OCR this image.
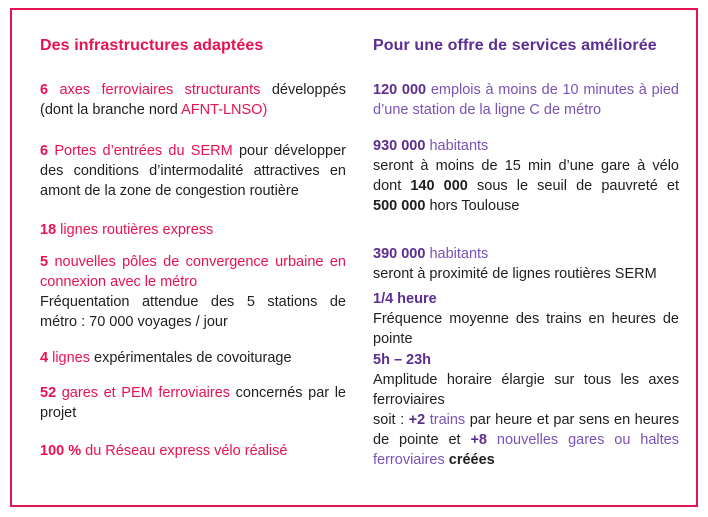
Des infrastructures adaptées

6 axes ferroviaires structurants développés (dont la branche nord AFNT-LNSO)

6 Portes d’entrées du SERM pour développer des conditions d’intermodalité attractives en amont de la zone de congestion routière

18 lignes routières express

5 nouvelles pôles de convergence urbaine en connexion avec le métro
Fréquentation attendue des 5 stations de métro : 70 000 voyages / jour

4 lignes expérimentales de covoiturage

52 gares et PEM ferroviaires concernés par le projet

100 % du Réseau express vélo réalisé

Pour une offre de services améliorée

120 000 emplois à moins de 10 minutes à pied d’une station de la ligne C de métro

930 000 habitants
seront à moins de 15 min d’une gare à vélo dont 140 000 sous le seuil de pauvreté et 500 000 hors Toulouse

390 000 habitants
seront à proximité de lignes routières SERM

1/4 heure
Fréquence moyenne des trains en heures de pointe

5h – 23h
Amplitude horaire élargie sur tous les axes ferroviaires
soit : +2 trains par heure et par sens en heures de pointe et +8 nouvelles gares ou haltes ferroviaires créées
